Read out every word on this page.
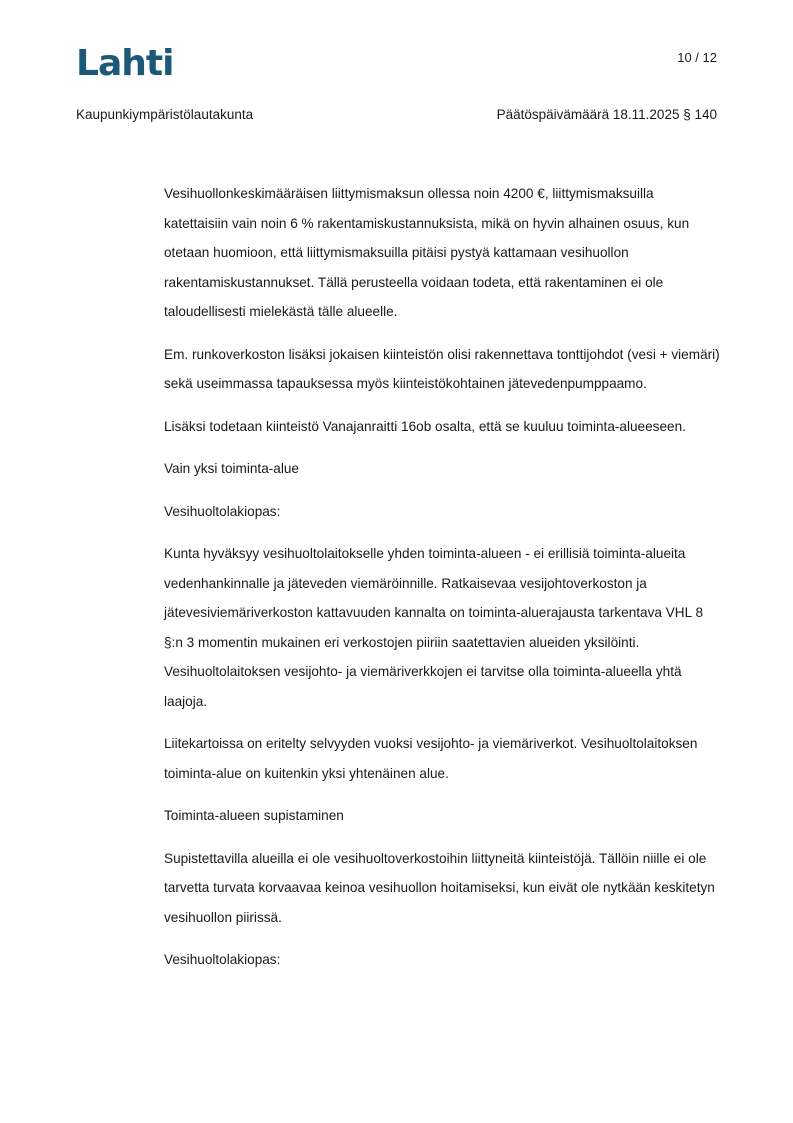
Lahti	10 / 12
Kaupunkiympäristölautakunta	Päätöspäivämäärä 18.11.2025 § 140

Vesihuollonkeskimääräisen liittymismaksun ollessa noin 4200 €, liittymismaksuilla katettaisiin vain noin 6 % rakentamiskustannuksista, mikä on hyvin alhainen osuus, kun otetaan huomioon, että liittymismaksuilla pitäisi pystyä kattamaan vesihuollon rakentamiskustannukset. Tällä perusteella voidaan todeta, että rakentaminen ei ole taloudellisesti mielekästä tälle alueelle.

Em. runkoverkoston lisäksi jokaisen kiinteistön olisi rakennettava tonttijohdot (vesi + viemäri) sekä useimmassa tapauksessa myös kiinteistökohtainen jätevedenpumppaamo.

Lisäksi todetaan kiinteistö Vanajanraitti 16ob osalta, että se kuuluu toiminta-alueeseen.

Vain yksi toiminta-alue

Vesihuoltolakiopas:

Kunta hyväksyy vesihuoltolaitokselle yhden toiminta-alueen - ei erillisiä toiminta-alueita vedenhankinnalle ja jäteveden viemäröinnille. Ratkaisevaa vesijohtoverkoston ja jätevesiviemäriverkoston kattavuuden kannalta on toiminta-aluerajausta tarkentava VHL 8 §:n 3 momentin mukainen eri verkostojen piiriin saatettavien alueiden yksilöinti. Vesihuoltolaitoksen vesijohto- ja viemäriverkkojen ei tarvitse olla toiminta-alueella yhtä laajoja.

Liitekartoissa on eritelty selvyyden vuoksi vesijohto- ja viemäriverkot. Vesihuoltolaitoksen toiminta-alue on kuitenkin yksi yhtenäinen alue.

Toiminta-alueen supistaminen

Supistettavilla alueilla ei ole vesihuoltoverkostoihin liittyneitä kiinteistöjä. Tällöin niille ei ole tarvetta turvata korvaavaa keinoa vesihuollon hoitamiseksi, kun eivät ole nytkään keskitetyn vesihuollon piirissä.

Vesihuoltolakiopas:
